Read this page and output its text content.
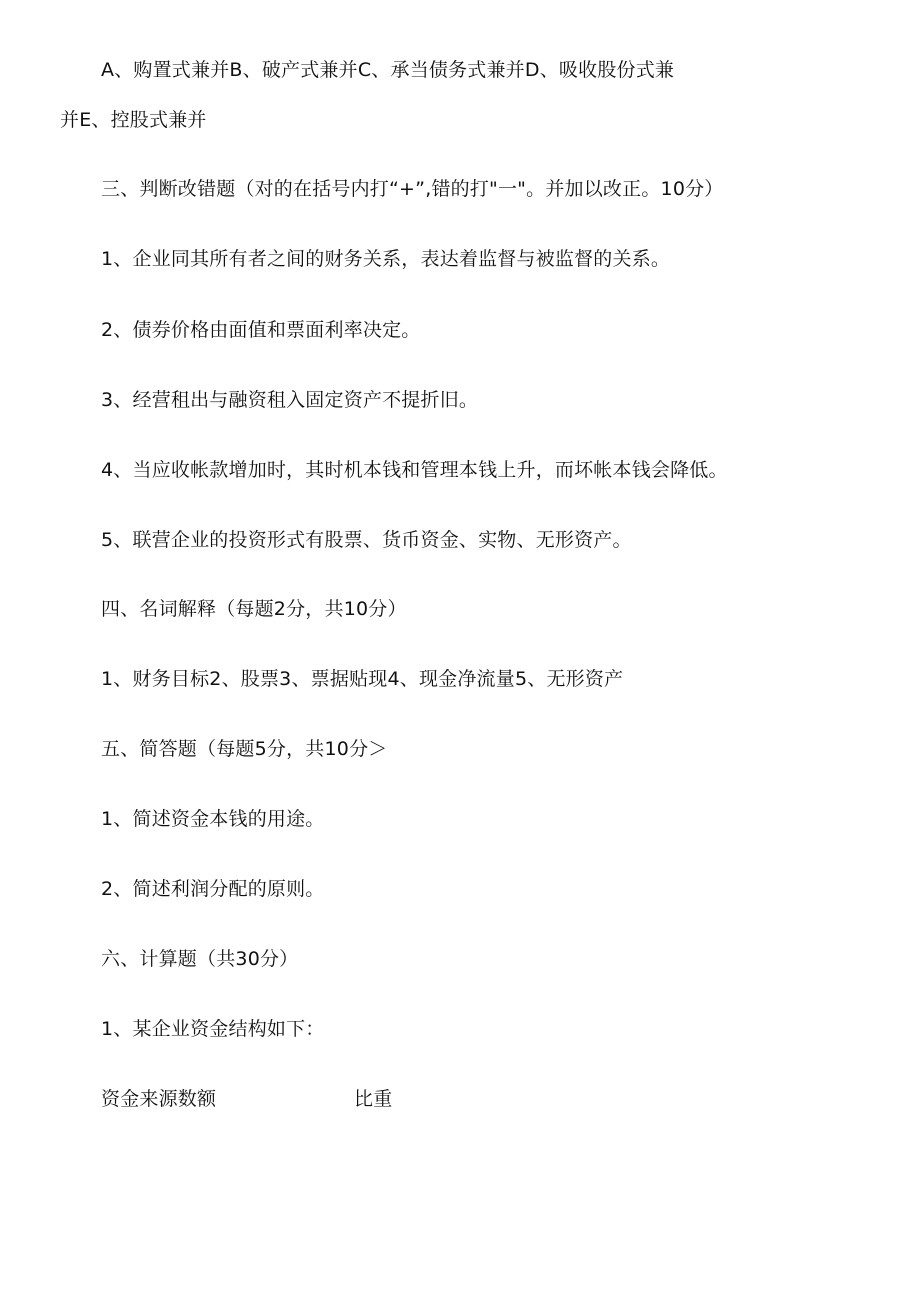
A、购置式兼并B、破产式兼并C、承当债务式兼并D、吸收股份式兼
并E、控股式兼并
三、判断改错题（对的在括号内打“+”,错的打"一"。并加以改正。10分）
1、企业同其所有者之间的财务关系，表达着监督与被监督的关系。
2、债券价格由面值和票面利率决定。
3、经营租出与融资租入固定资产不提折旧。
4、当应收帐款增加时，其时机本钱和管理本钱上升，而坏帐本钱会降低。
5、联营企业的投资形式有股票、货币资金、实物、无形资产。
四、名词解释（每题2分，共10分）
1、财务目标2、股票3、票据贴现4、现金净流量5、无形资产
五、简答题（每题5分，共10分＞
1、简述资金本钱的用途。
2、简述利润分配的原则。
六、计算题（共30分）
1、某企业资金结构如下：
资金来源数额	比重
